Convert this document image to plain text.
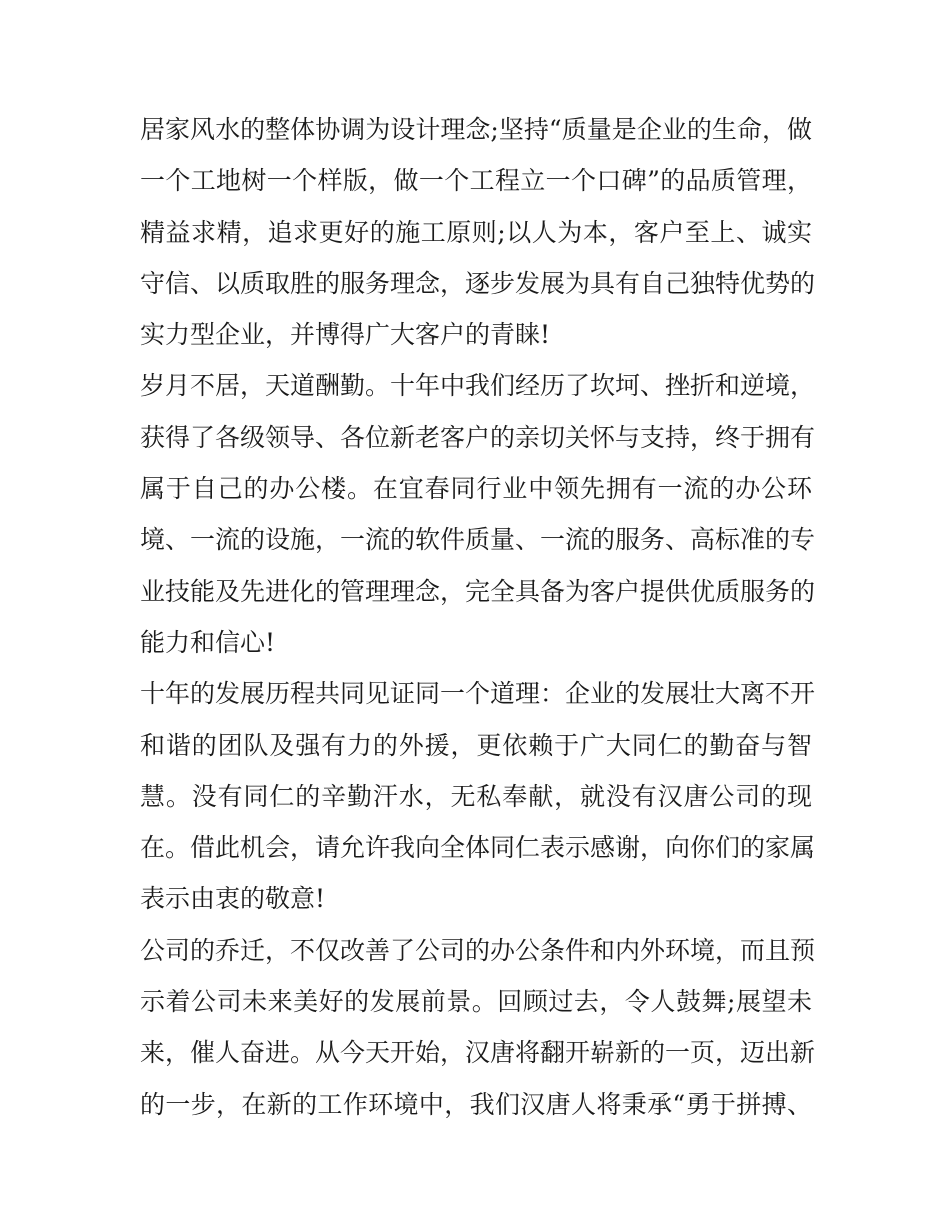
居家风水的整体协调为设计理念;坚持“质量是企业的生命，做
一个工地树一个样版，做一个工程立一个口碑”的品质管理，
精益求精，追求更好的施工原则;以人为本，客户至上、诚实
守信、以质取胜的服务理念，逐步发展为具有自己独特优势的
实力型企业，并博得广大客户的青睐!
岁月不居，天道酬勤。十年中我们经历了坎坷、挫折和逆境，
获得了各级领导、各位新老客户的亲切关怀与支持，终于拥有
属于自己的办公楼。在宜春同行业中领先拥有一流的办公环
境、一流的设施，一流的软件质量、一流的服务、高标准的专
业技能及先进化的管理理念，完全具备为客户提供优质服务的
能力和信心!
十年的发展历程共同见证同一个道理：企业的发展壮大离不开
和谐的团队及强有力的外援，更依赖于广大同仁的勤奋与智
慧。没有同仁的辛勤汗水，无私奉献，就没有汉唐公司的现
在。借此机会，请允许我向全体同仁表示感谢，向你们的家属
表示由衷的敬意!
公司的乔迁，不仅改善了公司的办公条件和内外环境，而且预
示着公司未来美好的发展前景。回顾过去，令人鼓舞;展望未
来，催人奋进。从今天开始，汉唐将翻开崭新的一页，迈出新
的一步，在新的工作环境中，我们汉唐人将秉承“勇于拼搏、
